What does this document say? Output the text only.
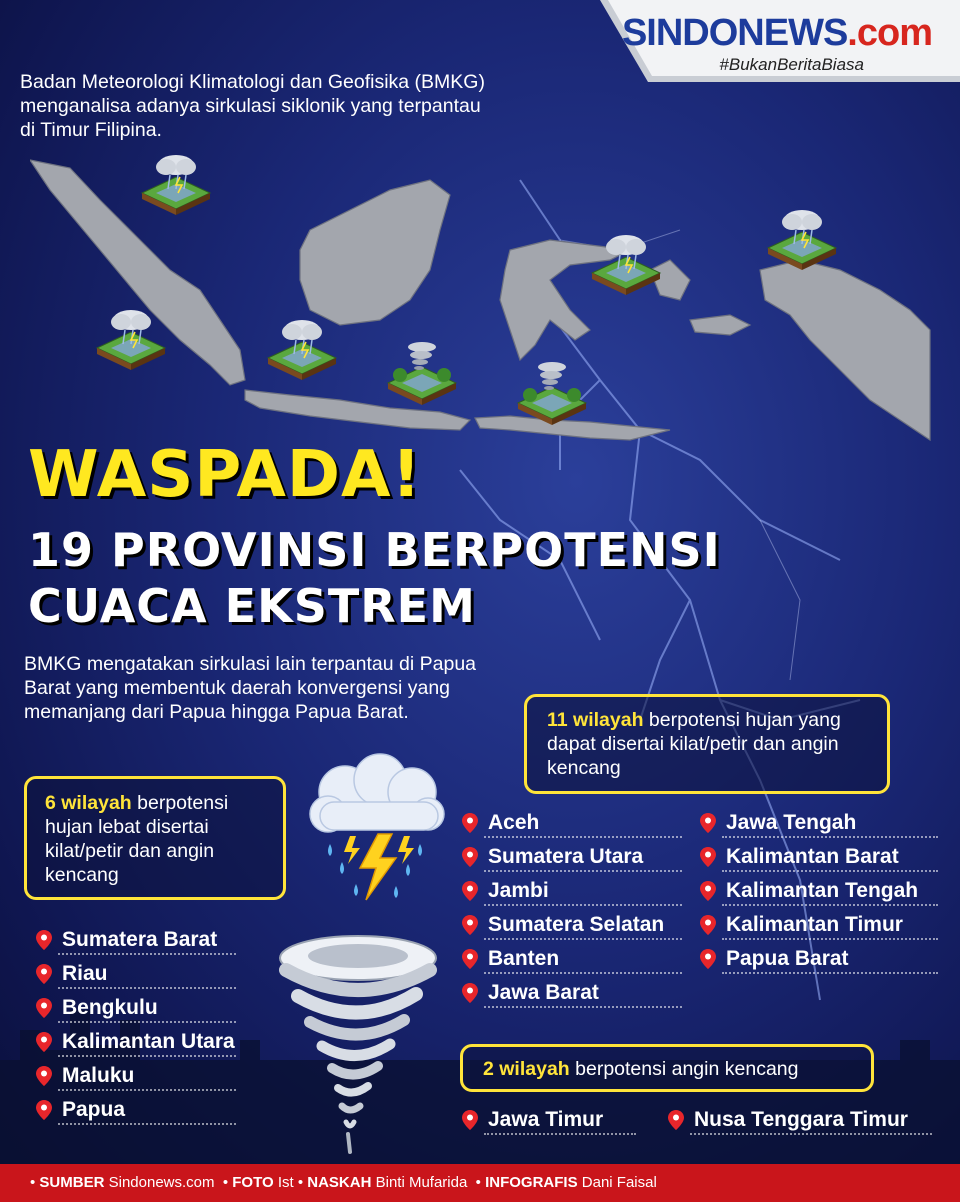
SINDONEWS.com
#BukanBeritaBiasa
Badan Meteorologi Klimatologi dan Geofisika (BMKG) menganalisa adanya sirkulasi siklonik yang terpantau di Timur Filipina.
WASPADA!
19 PROVINSI BERPOTENSI
CUACA EKSTREM
BMKG mengatakan sirkulasi lain terpantau di Papua Barat yang membentuk daerah konvergensi yang memanjang dari Papua hingga Papua Barat.	11 wilayah berpotensi hujan yang dapat disertai kilat/petir dan angin kencang
6 wilayah berpotensi hujan lebat disertai kilat/petir dan angin kencang
2 wilayah berpotensi angin kencang
Aceh
Sumatera Utara
Jambi
Sumatera Selatan
Banten
Jawa Barat
Jawa Tengah
Kalimantan Barat
Kalimantan Tengah
Kalimantan Timur
Papua Barat
Sumatera Barat
Riau
Bengkulu
Kalimantan Utara
Maluku
Papua	Jawa Timur	Nusa Tenggara Timur
• SUMBER Sindonews.com  • FOTO Ist • NASKAH Binti Mufarida  • INFOGRAFIS Dani Faisal
